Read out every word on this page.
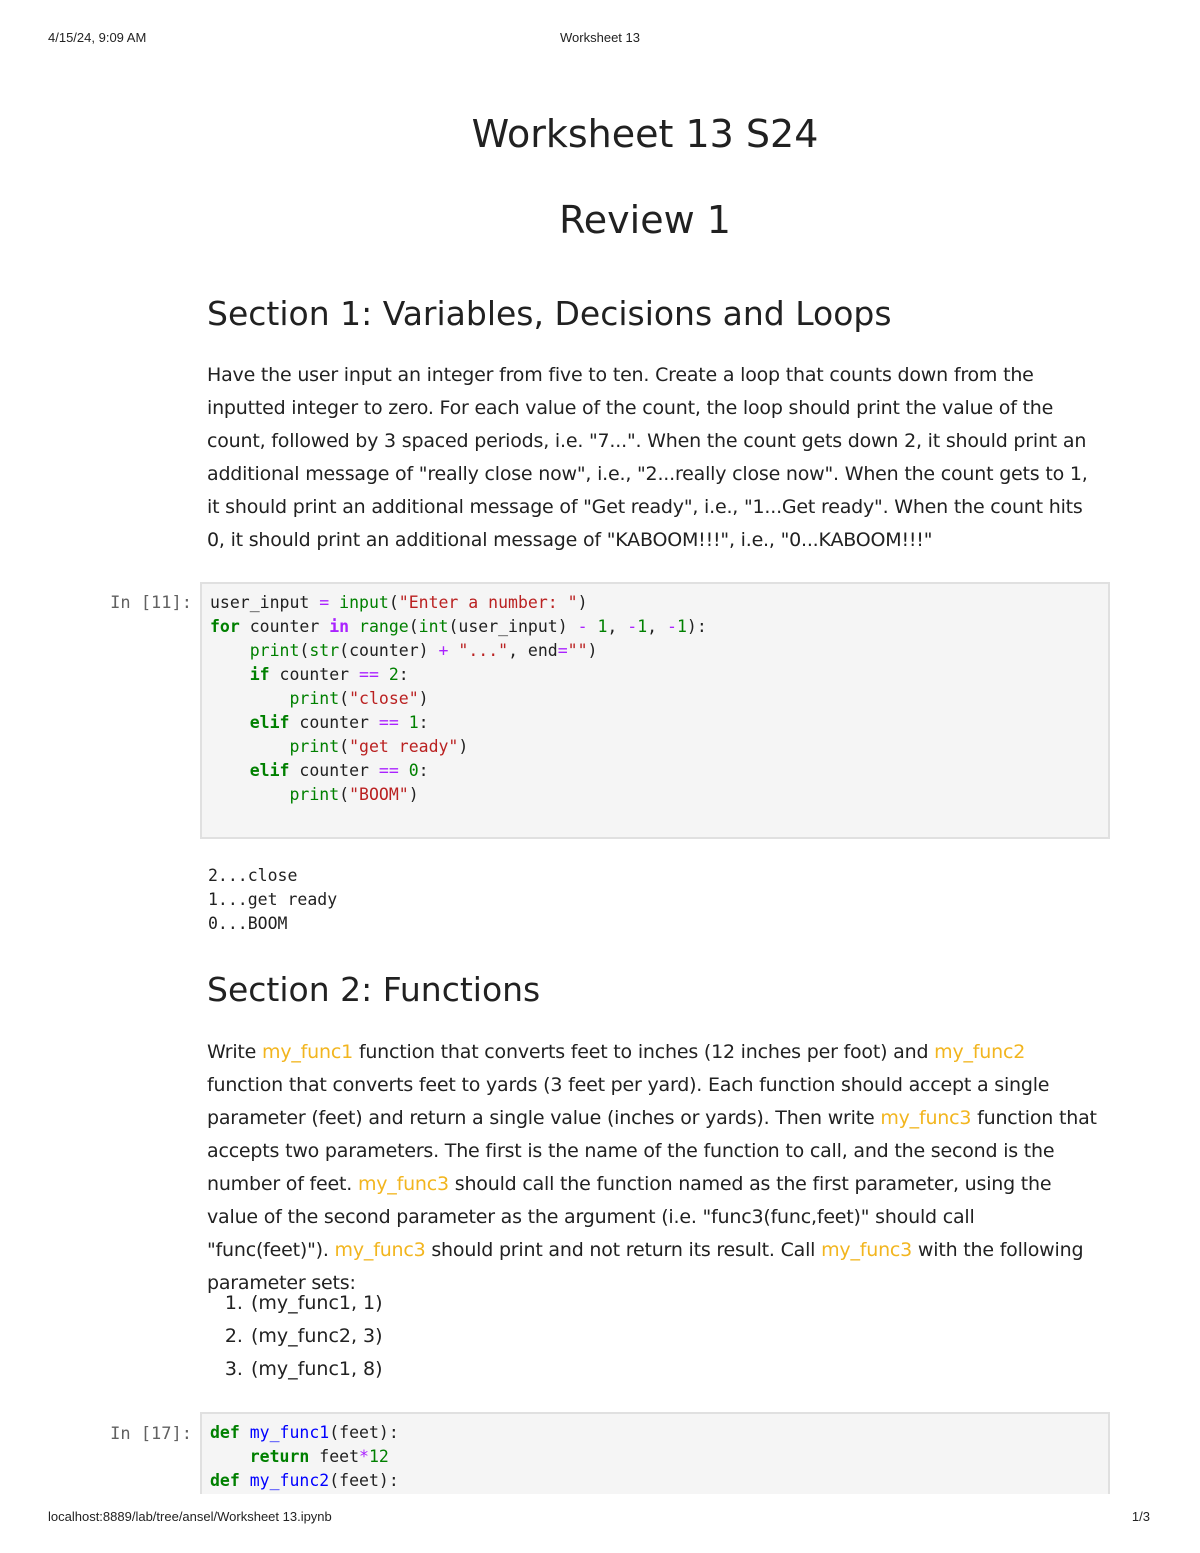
4/15/24, 9:09 AM	Worksheet 13
Worksheet 13 S24
Review 1
Section 1: Variables, Decisions and Loops
Have the user input an integer from five to ten. Create a loop that counts down from the inputted integer to zero. For each value of the count, the loop should print the value of the count, followed by 3 spaced periods, i.e. "7...". When the count gets down 2, it should print an additional message of "really close now", i.e., "2...really close now". When the count gets to 1, it should print an additional message of "Get ready", i.e., "1...Get ready". When the count hits 0, it should print an additional message of "KABOOM!!!", i.e., "0...KABOOM!!!"
In [11]:	user_input = input("Enter a number: ")
for counter in range(int(user_input) - 1, -1, -1):
print(str(counter) + "...", end="")
if counter == 2:
print("close")
elif counter == 1:
print("get ready")
elif counter == 0:
print("BOOM")
2...close
1...get ready
0...BOOM
Section 2: Functions
Write my_func1 function that converts feet to inches (12 inches per foot) and my_func2 function that converts feet to yards (3 feet per yard). Each function should accept a single parameter (feet) and return a single value (inches or yards). Then write my_func3 function that accepts two parameters. The first is the name of the function to call, and the second is the number of feet. my_func3 should call the function named as the first parameter, using the value of the second parameter as the argument (i.e. "func3(func,feet)" should call "func(feet)"). my_func3 should print and not return its result. Call my_func3 with the following parameter sets:
1. (my_func1, 1)
2. (my_func2, 3)
3. (my_func1, 8)
In [17]:	def my_func1(feet):
return feet*12
def my_func2(feet):
localhost:8889/lab/tree/ansel/Worksheet 13.ipynb	1/3
